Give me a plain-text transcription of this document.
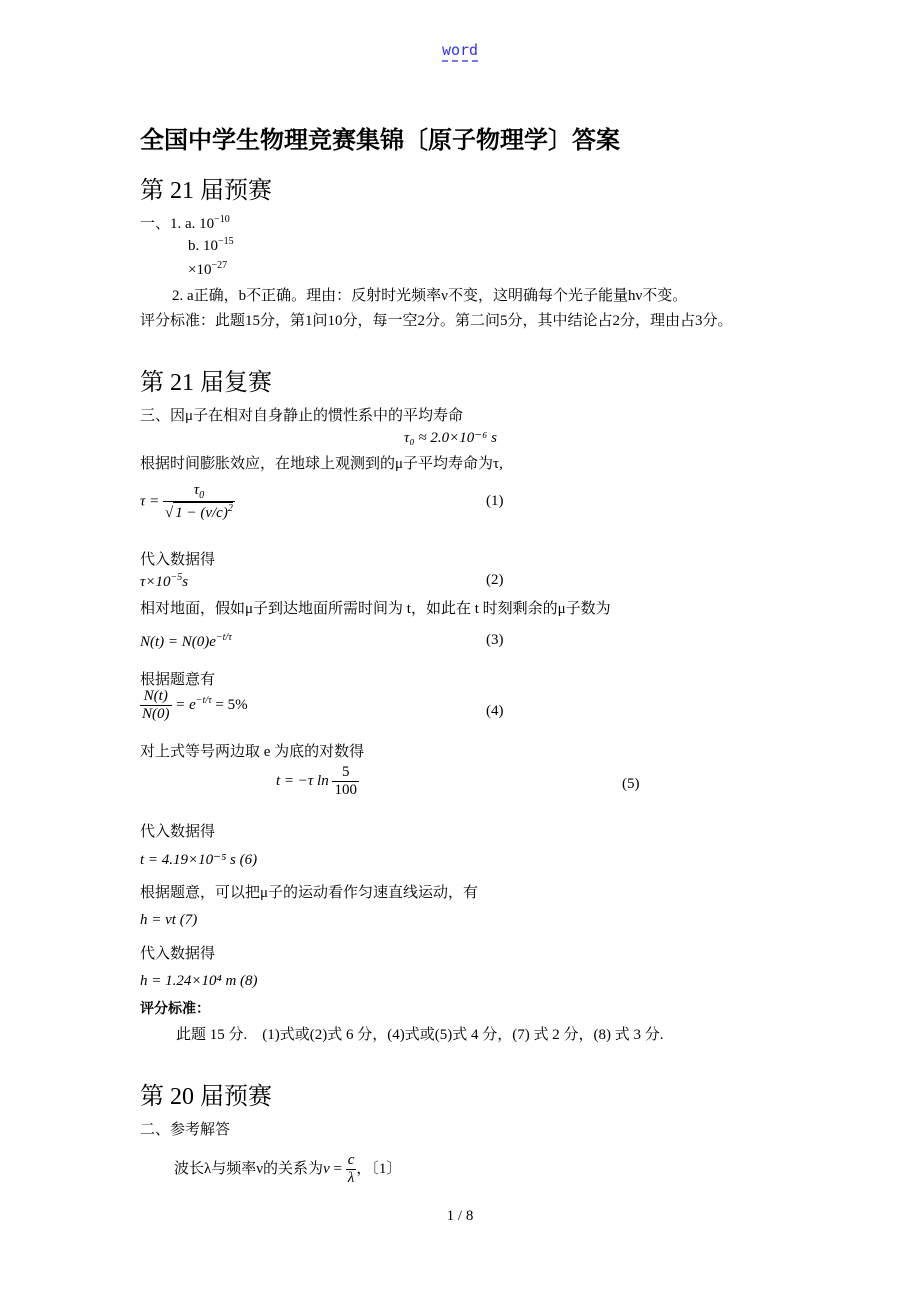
word
全国中学生物理竞赛集锦〔原子物理学〕答案
第 21 届预赛
一、1. a. $10^{-10}$
b. $10^{-15}$
$\times 10^{-27}$
2. a正确，b不正确。理由：反射时光频率ν不变，这明确每个光子能量hν不变。
评分标准：此题15分，第1问10分，每一空2分。第二问5分，其中结论占2分，理由占3分。
第 21 届复赛
三、因μ子在相对自身静止的惯性系中的平均寿命
τ₀ ≈ 2.0×10⁻⁶ s
根据时间膨胀效应，在地球上观测到的μ子平均寿命为τ,
$\tau = \frac{\tau_0}{√ 1 - (v/c)^2}$	(1)
代入数据得
$\tau\times 10^{-5}s$	(2)
相对地面，假如μ子到达地面所需时间为 t，如此在 t 时刻剩余的μ子数为
$N(t) = N(0)e^{-t/\tau}$	(3)
根据题意有
$\frac{N(t)}{N(0)} = e^{-t/\tau} = 5\%$	(4)
对上式等号两边取 e 为底的对数得
t = −τ $\ln \frac{5}{100}$	(5)
代入数据得
t = 4.19×10⁻⁵ s (6)
根据题意，可以把μ子的运动看作匀速直线运动，有
h = vt (7)
代入数据得
h = 1.24×10⁴ m (8)
评分标准：
此题 15 分.    (1)式或(2)式 6 分，(4)式或(5)式 4 分，(7) 式 2 分，(8) 式 3 分.
第 20 届预赛
二、参考解答
波长λ与频率ν的关系为$\nu = \frac{c}{\lambda}$ ，〔1〕
1 / 8
